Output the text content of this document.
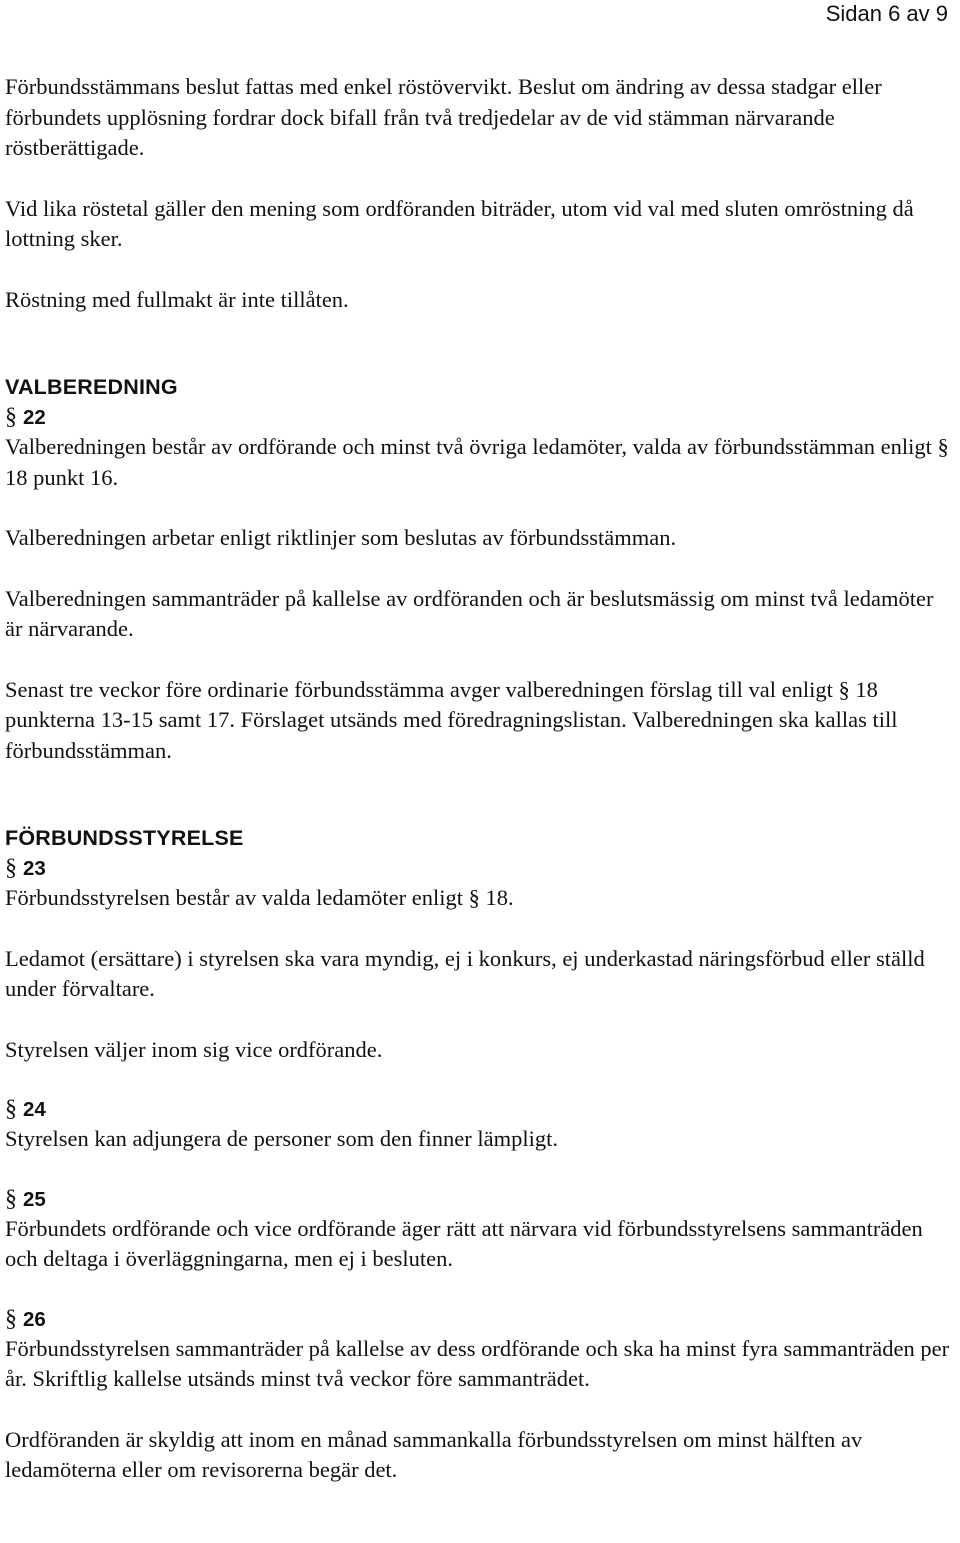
Sidan 6 av 9

Förbundsstämmans beslut fattas med enkel röstövervikt. Beslut om ändring av dessa stadgar eller förbundets upplösning fordrar dock bifall från två tredjedelar av de vid stämman närvarande röstberättigade.

Vid lika röstetal gäller den mening som ordföranden biträder, utom vid val med sluten omröstning då lottning sker.

Röstning med fullmakt är inte tillåten.

VALBEREDNING
§ 22

Valberedningen består av ordförande och minst två övriga ledamöter, valda av förbundsstämman enligt § 18 punkt 16.

Valberedningen arbetar enligt riktlinjer som beslutas av förbundsstämman.

Valberedningen sammanträder på kallelse av ordföranden och är beslutsmässig om minst två ledamöter är närvarande.

Senast tre veckor före ordinarie förbundsstämma avger valberedningen förslag till val enligt § 18 punkterna 13-15 samt 17. Förslaget utsänds med föredragningslistan. Valberedningen ska kallas till förbundsstämman.

FÖRBUNDSSTYRELSE
§ 23

Förbundsstyrelsen består av valda ledamöter enligt § 18.

Ledamot (ersättare) i styrelsen ska vara myndig, ej i konkurs, ej underkastad näringsförbud eller ställd under förvaltare.

Styrelsen väljer inom sig vice ordförande.

§ 24

Styrelsen kan adjungera de personer som den finner lämpligt.

§ 25

Förbundets ordförande och vice ordförande äger rätt att närvara vid förbundsstyrelsens sammanträden och deltaga i överläggningarna, men ej i besluten.

§ 26

Förbundsstyrelsen sammanträder på kallelse av dess ordförande och ska ha minst fyra sammanträden per år. Skriftlig kallelse utsänds minst två veckor före sammanträdet.

Ordföranden är skyldig att inom en månad sammankalla förbundsstyrelsen om minst hälften av ledamöterna eller om revisorerna begär det.
